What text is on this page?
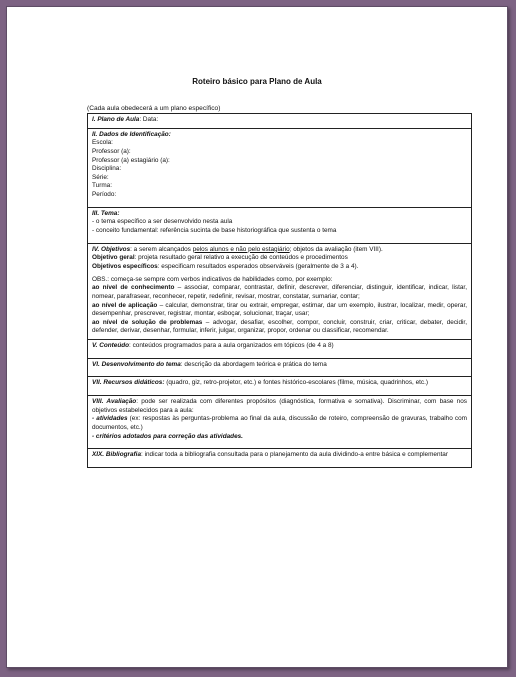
Roteiro básico para Plano de Aula
(Cada aula obedecerá a um plano específico)
I. Plano de Aula: Data:

II. Dados de Identificação:
Escola:
Professor (a):
Professor (a) estagiário (a):
Disciplina:
Série:
Turma:
Período:

III. Tema:
- o tema específico a ser desenvolvido nesta aula
- conceito fundamental: referência sucinta de base historiográfica que sustenta o tema

IV. Objetivos: a serem alcançados pelos alunos e não pelo estagiário; objetos da avaliação (item VIII).
Objetivo geral: projeta resultado geral relativo a execução de conteúdos e procedimentos
Objetivos específicos: especificam resultados esperados observáveis (geralmente de 3 a 4).
OBS.: começa-se sempre com verbos indicativos de habilidades como, por exemplo:
ao nível de conhecimento – associar, comparar, contrastar, definir, descrever, diferenciar, distinguir, identificar, indicar, listar, nomear, parafrasear, reconhecer, repetir, redefinir, revisar, mostrar, constatar, sumariar, contar;
ao nível de aplicação – calcular, demonstrar, tirar ou extrair, empregar, estimar, dar um exemplo, ilustrar, localizar, medir, operar, desempenhar, prescrever, registrar, montar, esboçar, solucionar, traçar, usar;
ao nível de solução de problemas – advogar, desafiar, escolher, compor, concluir, construir, criar, criticar, debater, decidir, defender, derivar, desenhar, formular, inferir, julgar, organizar, propor, ordenar ou classificar, recomendar.

V. Conteúdo: conteúdos programados para a aula organizados em tópicos (de 4 a 8)

VI. Desenvolvimento do tema: descrição da abordagem teórica e prática do tema

VII. Recursos didáticos: (quadro, giz, retro-projetor, etc.) e fontes histórico-escolares (filme, música, quadrinhos, etc.)

VIII. Avaliação: pode ser realizada com diferentes propósitos (diagnóstica, formativa e somativa). Discriminar, com base nos objetivos estabelecidos para a aula:
- atividades (ex: respostas às perguntas-problema ao final da aula, discussão de roteiro, compreensão de gravuras, trabalho com documentos, etc.)
- critérios adotados para correção das atividades.

XIX. Bibliografia: indicar toda a bibliografia consultada para o planejamento da aula dividindo-a entre básica e complementar
